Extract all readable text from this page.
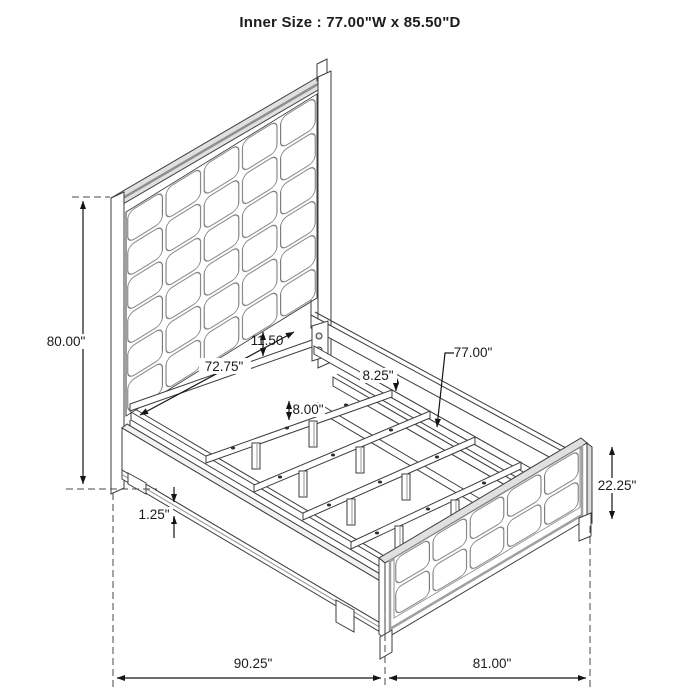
Inner Size : 77.00"W x 85.50"D
80.00"
72.75"
11.50
8.25"
8.00"
77.00"
22.25"
1.25"
90.25"	81.00"
